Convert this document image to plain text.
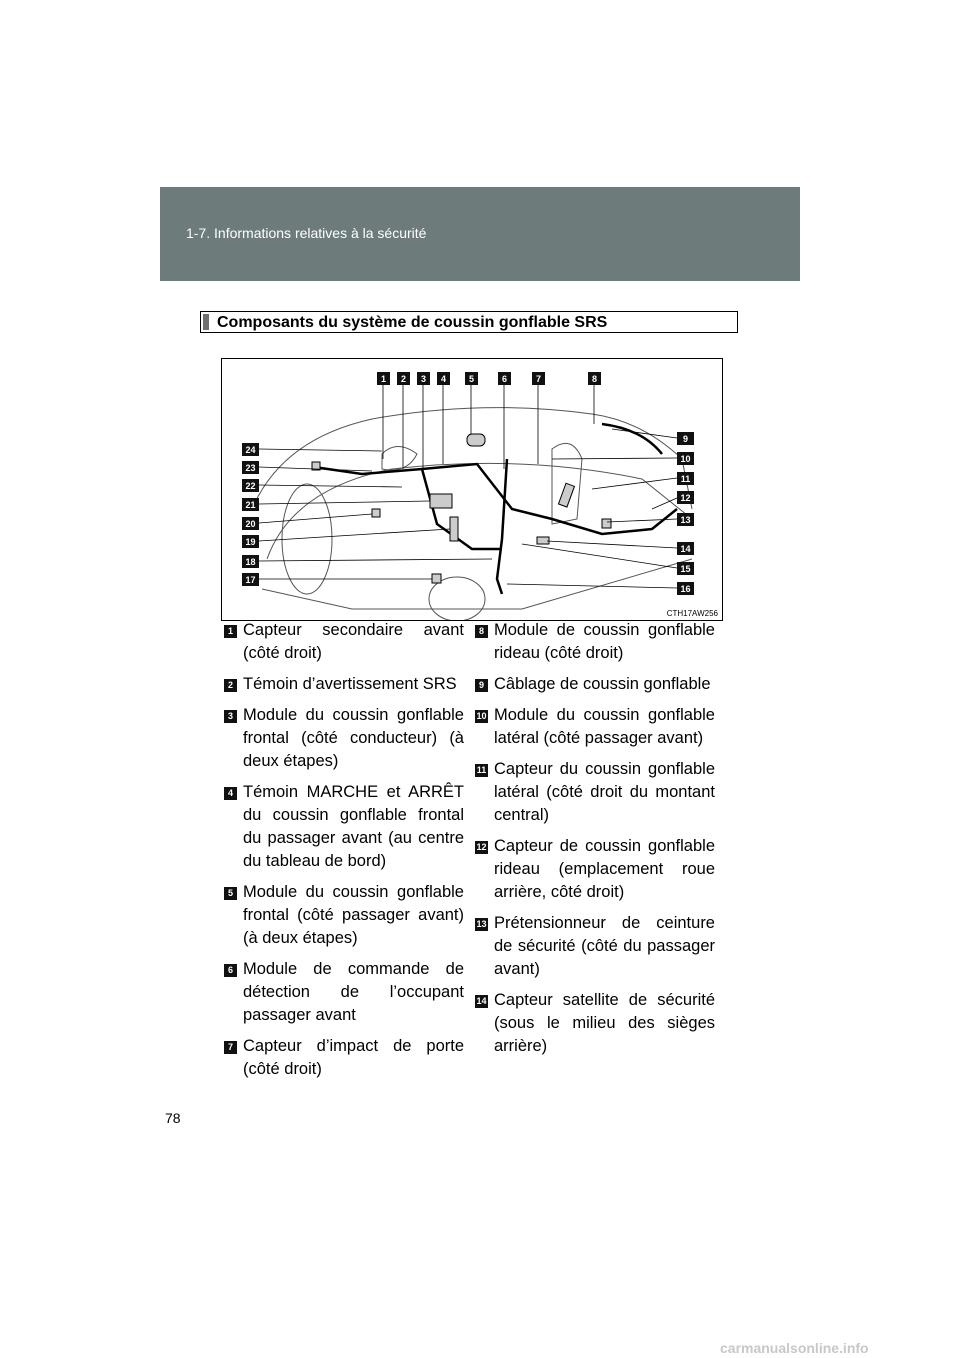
1-7. Informations relatives à la sécurité
Composants du système de coussin gonflable SRS
1 2 3 4	5	6	7	8
9
10
11
12
13
14
15
16
24
23
22
21
20
19
18
17
CTH17AW256
1 Capteur secondaire avant (côté droit)
2 Témoin d’avertissement SRS
3 Module du coussin gonflable frontal (côté conducteur) (à deux étapes)
4 Témoin MARCHE et ARRÊT du coussin gonflable frontal du passager avant (au centre du tableau de bord)
5 Module du coussin gonflable frontal (côté passager avant) (à deux étapes)
6 Module de commande de détection de l’occupant passager avant
7 Capteur d’impact de porte (côté droit)
8 Module de coussin gonflable rideau (côté droit)
9 Câblage de coussin gonflable
10 Module du coussin gonflable latéral (côté passager avant)
11 Capteur du coussin gonflable latéral (côté droit du montant central)
12 Capteur de coussin gonflable rideau (emplacement roue arrière, côté droit)
13 Prétensionneur de ceinture de sécurité (côté du passager avant)
14 Capteur satellite de sécurité (sous le milieu des sièges arrière)
78
carmanualsonline.info
